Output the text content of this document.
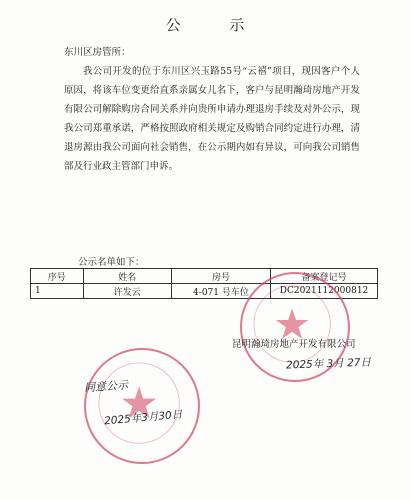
公 示
东川区房管所：
我公司开发的位于东川区兴玉路55号“云禧”项目，现因客户个人原因，将该车位变更给直系亲属女儿名下，客户与昆明瀚琦房地产开发有限公司解除购房合同关系并向贵所申请办理退房手续及对外公示，现我公司郑重承诺，严格按照政府相关规定及购销合同约定进行办理，清退房源由我公司面向社会销售，在公示期内如有异议，可向我公司销售部及行业政主管部门申诉。
公示名单如下：
序号	姓名	房号	备案登记号
1	许发云	4-071 号车位	DC2021112000812
昆明瀚琦房地产开发有限公司
2025年 3月 27日
同意公示
2025年3月30日
